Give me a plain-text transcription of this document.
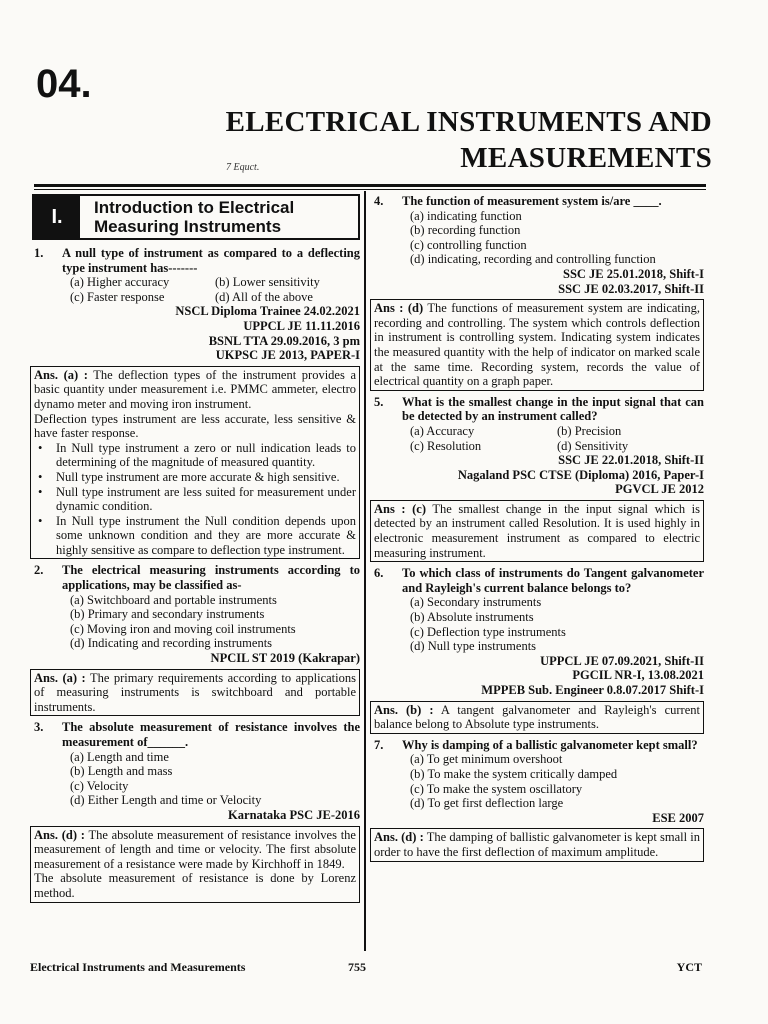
04.
ELECTRICAL INSTRUMENTS AND
MEASUREMENTS
7 Equct.
I.	Introduction to Electrical Measuring Instruments
1.	A null type of instrument as compared to a deflecting type instrument has-------
(a) Higher accuracy	(b) Lower sensitivity
(c) Faster response	(d) All of the above
NSCL Diploma Trainee 24.02.2021
UPPCL JE 11.11.2016
BSNL TTA 29.09.2016, 3 pm
UKPSC JE 2013, PAPER-I
Ans. (a) : The deflection types of the instrument provides a basic quantity under measurement i.e. PMMC ammeter, electro dynamo meter and moving iron instrument.
Deflection types instrument are less accurate, less sensitive & have faster response.
• In Null type instrument a zero or null indication leads to determining of the magnitude of measured quantity.
• Null type instrument are more accurate & high sensitive.
• Null type instrument are less suited for measurement under dynamic condition.
• In Null type instrument the Null condition depends upon some unknown condition and they are more accurate & highly sensitive as compare to deflection type instrument.
2.	The electrical measuring instruments according to applications, may be classified as-
(a) Switchboard and portable instruments
(b) Primary and secondary instruments
(c) Moving iron and moving coil instruments
(d) Indicating and recording instruments
NPCIL ST 2019 (Kakrapar)
Ans. (a) : The primary requirements according to applications of measuring instruments is switchboard and portable instruments.
3.	The absolute measurement of resistance involves the measurement of______.
(a) Length and time
(b) Length and mass
(c) Velocity
(d) Either Length and time or Velocity
Karnataka PSC JE-2016
Ans. (d) : The absolute measurement of resistance involves the measurement of length and time or velocity. The first absolute measurement of a resistance were made by Kirchhoff in 1849.
The absolute measurement of resistance is done by Lorenz method.
4.	The function of measurement system is/are ____.
(a) indicating function
(b) recording function
(c) controlling function
(d) indicating, recording and controlling function
SSC JE 25.01.2018, Shift-I
SSC JE 02.03.2017, Shift-II
Ans : (d) The functions of measurement system are indicating, recording and controlling. The system which controls deflection in instrument is controlling system. Indicating system indicates the measured quantity with the help of indicator on marked scale at the same time. Recording system, records the value of electrical quantity on a graph paper.
5.	What is the smallest change in the input signal that can be detected by an instrument called?
(a) Accuracy	(b) Precision
(c) Resolution	(d) Sensitivity
SSC JE 22.01.2018, Shift-II
Nagaland PSC CTSE (Diploma) 2016, Paper-I
PGVCL JE 2012
Ans : (c) The smallest change in the input signal which is detected by an instrument called Resolution. It is used highly in electronic measurement instrument as compared to electric measuring instrument.
6.	To which class of instruments do Tangent galvanometer and Rayleigh's current balance belongs to?
(a) Secondary instruments
(b) Absolute instruments
(c) Deflection type instruments
(d) Null type instruments
UPPCL JE 07.09.2021, Shift-II
PGCIL NR-I, 13.08.2021
MPPEB Sub. Engineer 0.8.07.2017 Shift-I
Ans. (b) : A tangent galvanometer and Rayleigh's current balance belong to Absolute type instruments.
7.	Why is damping of a ballistic galvanometer kept small?
(a) To get minimum overshoot
(b) To make the system critically damped
(c) To make the system oscillatory
(d) To get first deflection large
ESE 2007
Ans. (d) : The damping of ballistic galvanometer is kept small in order to have the first deflection of maximum amplitude.
Electrical Instruments and Measurements	755	YCT
